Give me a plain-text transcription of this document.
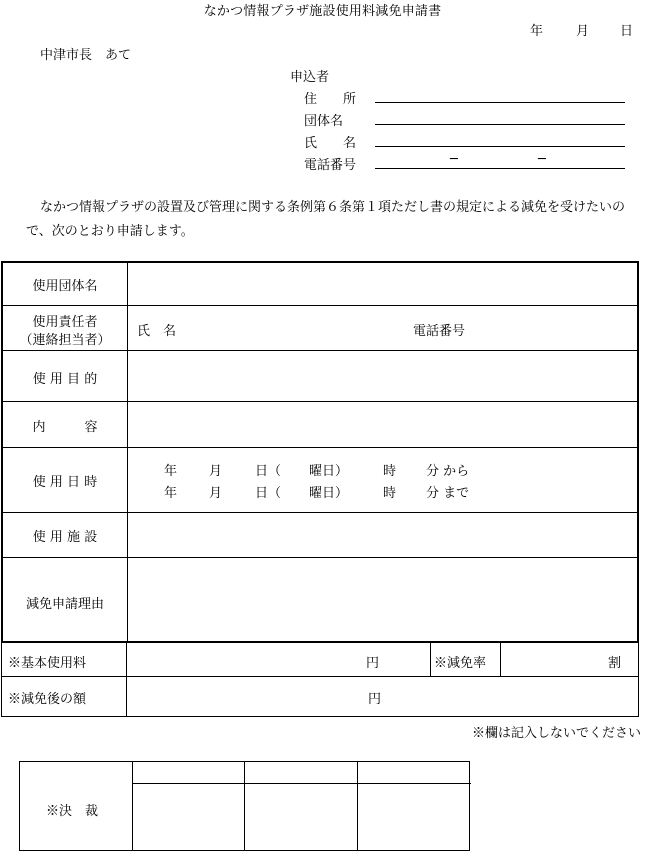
なかつ情報プラザ施設使用料減免申請書
年	月 日
中津市長　あて
申込者
住　　所
団体名
氏　　名
電話番号	─	─
なかつ情報プラザの設置及び管理に関する条例第６条第１項ただし書の規定による減免を受けたいので、次のとおり申請します。
使用団体名
使用責任者
（連絡担当者）
氏　名	電話番号
使 用 目 的
内　　　容
使 用 日 時
年 月	日（ 曜日）	時 分 から
年 月	日（ 曜日）	時 分 まで
使 用 施 設
減免申請理由
※基本使用料	円	※減免率	割
※減免後の額	円
※欄は記入しないでください
※決　裁
